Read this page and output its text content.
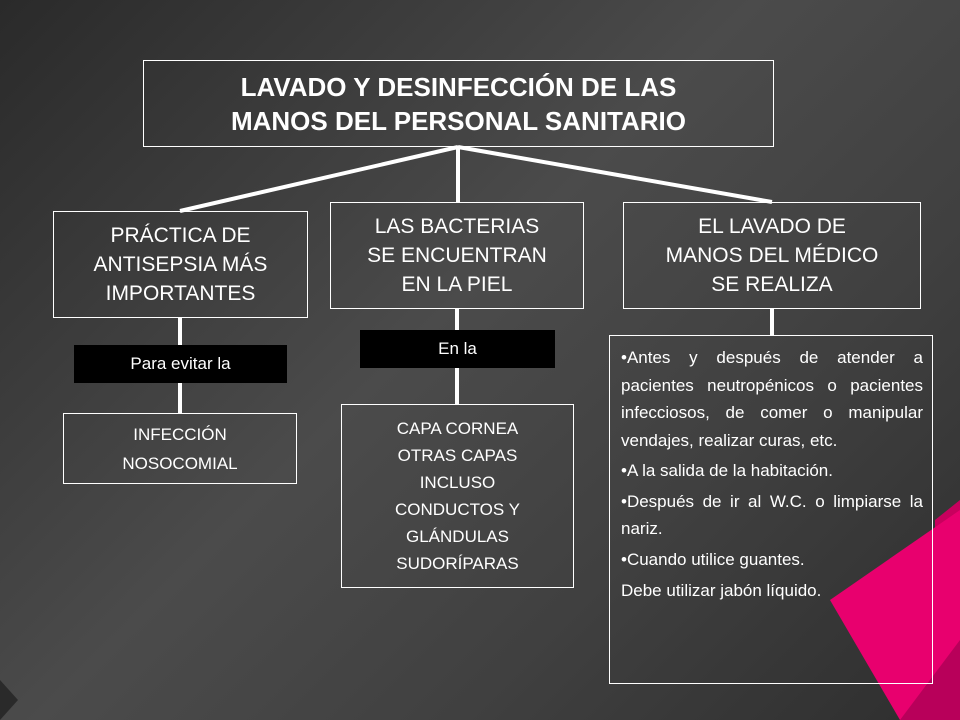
LAVADO Y DESINFECCIÓN DE LAS
MANOS DEL PERSONAL SANITARIO
PRÁCTICA DE
ANTISEPSIA MÁS
IMPORTANTES
LAS BACTERIAS
SE ENCUENTRAN
EN LA PIEL
EL LAVADO DE
MANOS DEL MÉDICO
SE REALIZA
Para evitar la
En la
INFECCIÓN
NOSOCOMIAL
CAPA CORNEA
OTRAS CAPAS
INCLUSO
CONDUCTOS Y
GLÁNDULAS
SUDORÍPARAS
•Antes y después de atender a pacientes neutropénicos o pacientes infecciosos, de comer o manipular vendajes, realizar curas, etc.
•A la salida de la habitación.
•Después de ir al W.C. o limpiarse la nariz.
•Cuando utilice guantes.
Debe utilizar jabón líquido.
